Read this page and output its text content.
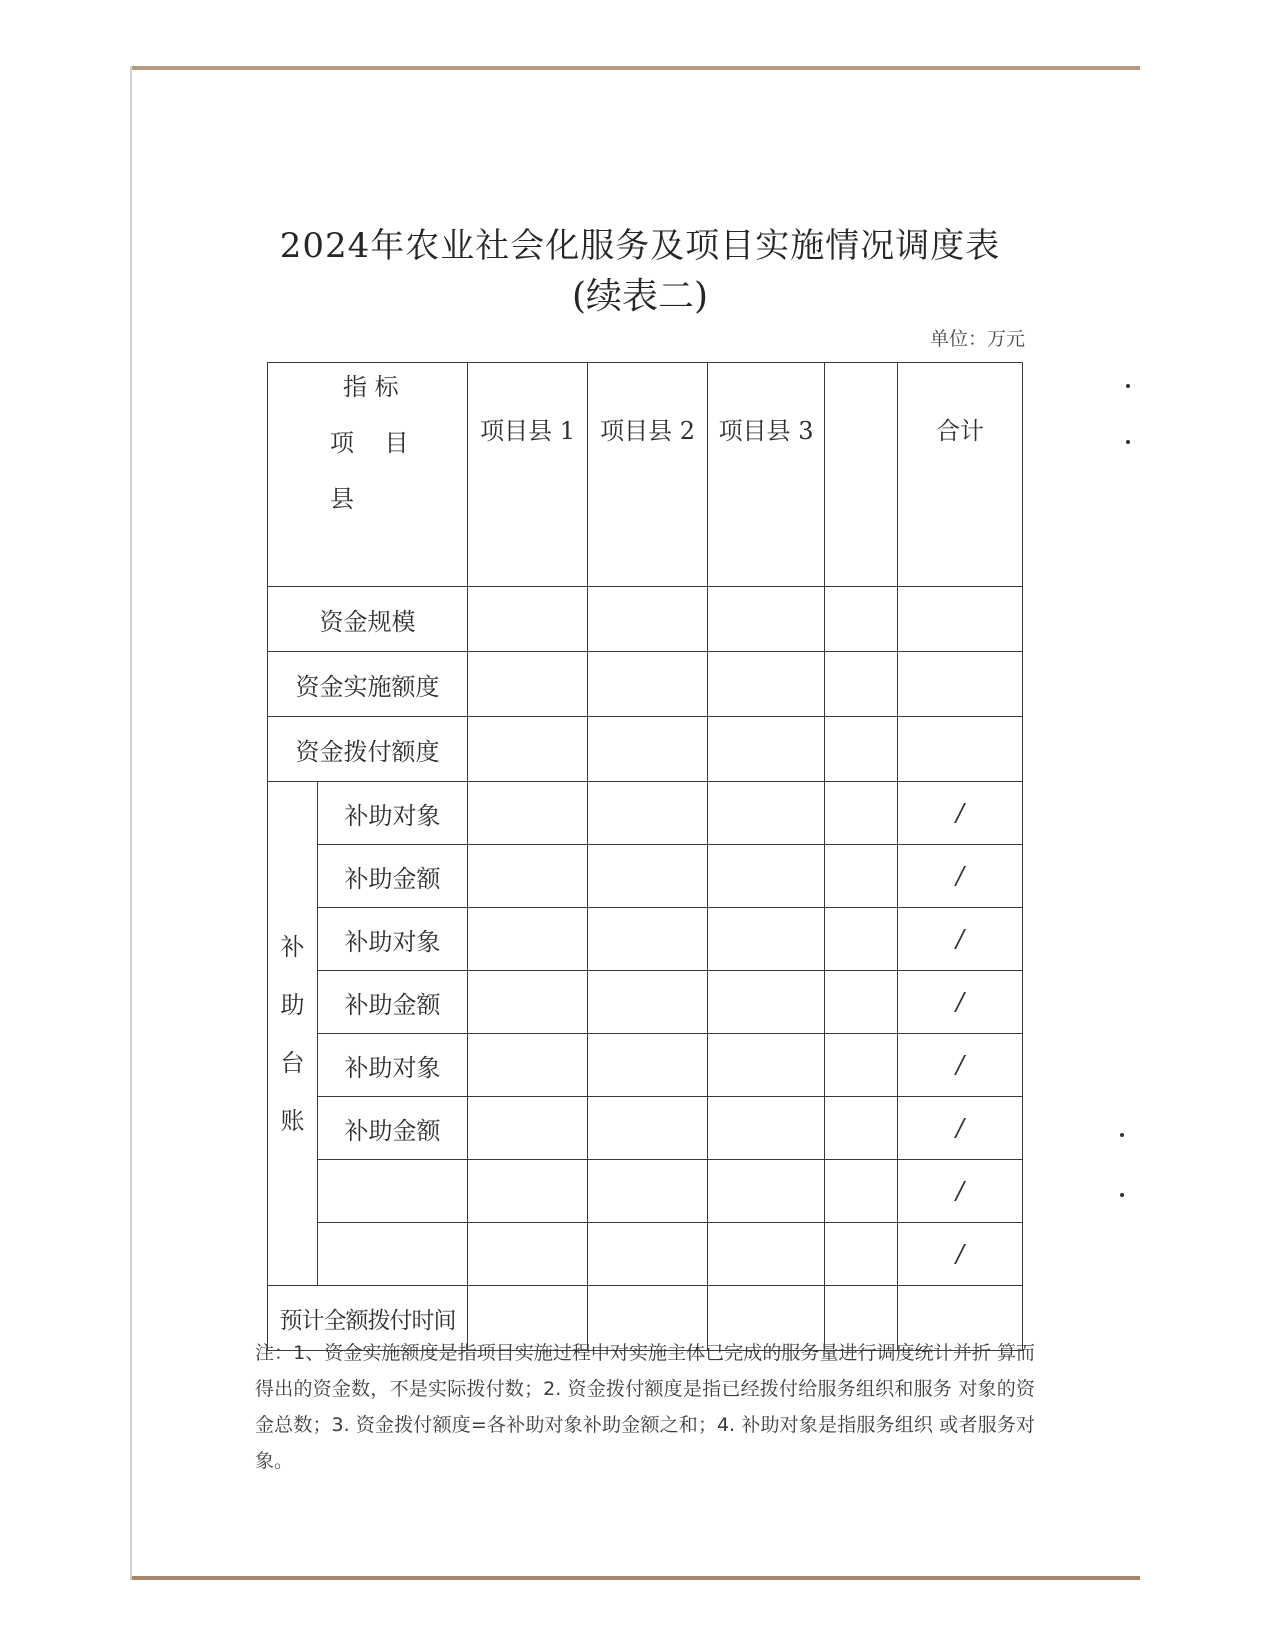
2024年农业社会化服务及项目实施情况调度表
(续表二)
单位：万元
指 标
项    目
县		项目县 1	项目县 2	项目县 3		合计
资金规模						
资金实施额度						
资金拨付额度						

补
助
台
账	补助对象					/
	补助金额					/
	补助对象					/
	补助金额					/
	补助对象					/
	补助金额					/
						/
						/
预计全额拨付时间						
注：1、资金实施额度是指项目实施过程中对实施主体已完成的服务量进行调度统计并折 算而得出的资金数，不是实际拨付数；2. 资金拨付额度是指已经拨付给服务组织和服务 对象的资金总数；3. 资金拨付额度=各补助对象补助金额之和；4. 补助对象是指服务组织 或者服务对象。
